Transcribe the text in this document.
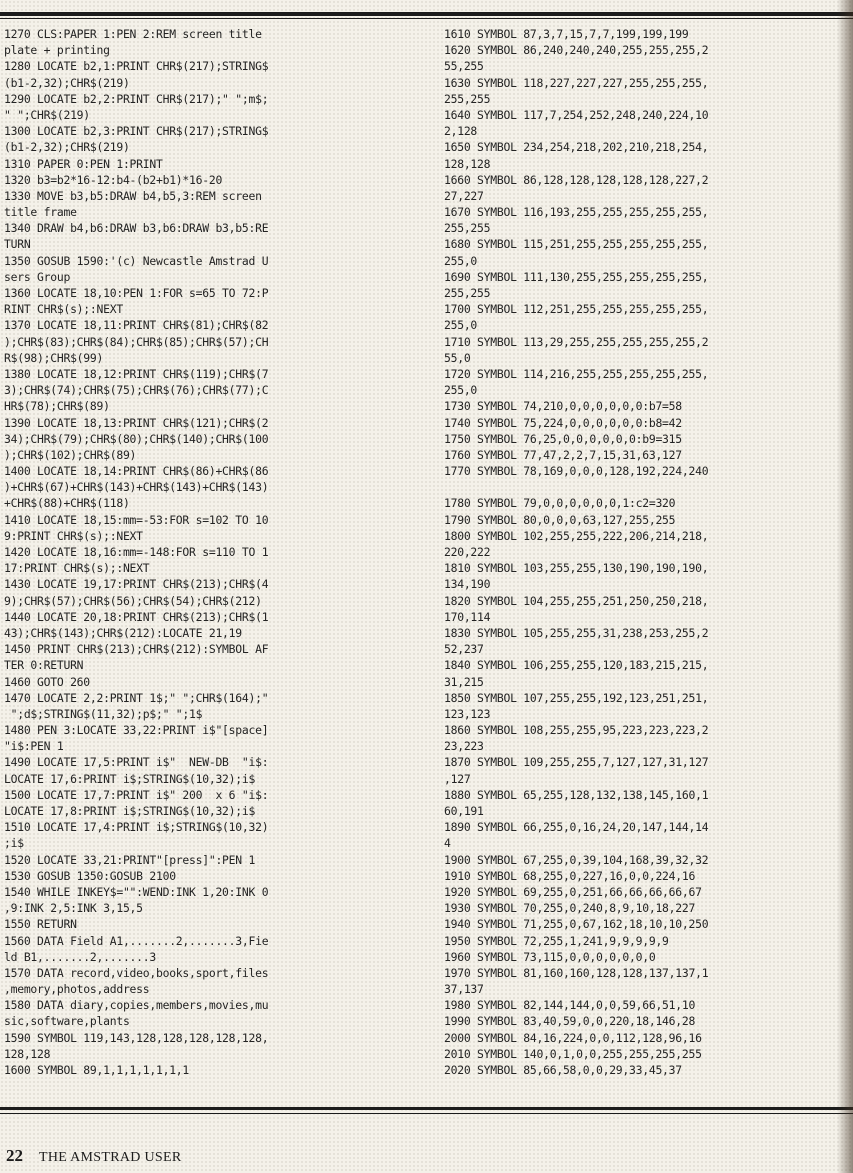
1270 CLS:PAPER 1:PEN 2:REM screen title
plate + printing
1280 LOCATE b2,1:PRINT CHR$(217);STRING$
(b1-2,32);CHR$(219)
1290 LOCATE b2,2:PRINT CHR$(217);" ";m$;
" ";CHR$(219)
1300 LOCATE b2,3:PRINT CHR$(217);STRING$
(b1-2,32);CHR$(219)
1310 PAPER 0:PEN 1:PRINT
1320 b3=b2*16-12:b4-(b2+b1)*16-20
1330 MOVE b3,b5:DRAW b4,b5,3:REM screen
title frame
1340 DRAW b4,b6:DRAW b3,b6:DRAW b3,b5:RE
TURN
1350 GOSUB 1590:'(c) Newcastle Amstrad U
sers Group
1360 LOCATE 18,10:PEN 1:FOR s=65 TO 72:P
RINT CHR$(s);:NEXT
1370 LOCATE 18,11:PRINT CHR$(81);CHR$(82
);CHR$(83);CHR$(84);CHR$(85);CHR$(57);CH
R$(98);CHR$(99)
1380 LOCATE 18,12:PRINT CHR$(119);CHR$(7
3);CHR$(74);CHR$(75);CHR$(76);CHR$(77);C
HR$(78);CHR$(89)
1390 LOCATE 18,13:PRINT CHR$(121);CHR$(2
34);CHR$(79);CHR$(80);CHR$(140);CHR$(100
);CHR$(102);CHR$(89)
1400 LOCATE 18,14:PRINT CHR$(86)+CHR$(86
)+CHR$(67)+CHR$(143)+CHR$(143)+CHR$(143)
+CHR$(88)+CHR$(118)
1410 LOCATE 18,15:mm=-53:FOR s=102 TO 10
9:PRINT CHR$(s);:NEXT
1420 LOCATE 18,16:mm=-148:FOR s=110 TO 1
17:PRINT CHR$(s);:NEXT
1430 LOCATE 19,17:PRINT CHR$(213);CHR$(4
9);CHR$(57);CHR$(56);CHR$(54);CHR$(212)
1440 LOCATE 20,18:PRINT CHR$(213);CHR$(1
43);CHR$(143);CHR$(212):LOCATE 21,19
1450 PRINT CHR$(213);CHR$(212):SYMBOL AF
TER 0:RETURN
1460 GOTO 260
1470 LOCATE 2,2:PRINT 1$;" ";CHR$(164);"
";d$;STRING$(11,32);p$;" ";1$
1480 PEN 3:LOCATE 33,22:PRINT i$"[space]
"i$:PEN 1
1490 LOCATE 17,5:PRINT i$"  NEW-DB  "i$:
LOCATE 17,6:PRINT i$;STRING$(10,32);i$
1500 LOCATE 17,7:PRINT i$" 200  x 6 "i$:
LOCATE 17,8:PRINT i$;STRING$(10,32);i$
1510 LOCATE 17,4:PRINT i$;STRING$(10,32)
;i$
1520 LOCATE 33,21:PRINT"[press]":PEN 1
1530 GOSUB 1350:GOSUB 2100
1540 WHILE INKEY$="":WEND:INK 1,20:INK 0
,9:INK 2,5:INK 3,15,5
1550 RETURN
1560 DATA Field A1,.......2,.......3,Fie
ld B1,.......2,.......3
1570 DATA record,video,books,sport,files
,memory,photos,address
1580 DATA diary,copies,members,movies,mu
sic,software,plants
1590 SYMBOL 119,143,128,128,128,128,128,
128,128
1600 SYMBOL 89,1,1,1,1,1,1,1
1610 SYMBOL 87,3,7,15,7,7,199,199,199
1620 SYMBOL 86,240,240,240,255,255,255,2
55,255
1630 SYMBOL 118,227,227,227,255,255,255,
255,255
1640 SYMBOL 117,7,254,252,248,240,224,10
2,128
1650 SYMBOL 234,254,218,202,210,218,254,
128,128
1660 SYMBOL 86,128,128,128,128,128,227,2
27,227
1670 SYMBOL 116,193,255,255,255,255,255,
255,255
1680 SYMBOL 115,251,255,255,255,255,255,
255,0
1690 SYMBOL 111,130,255,255,255,255,255,
255,255
1700 SYMBOL 112,251,255,255,255,255,255,
255,0
1710 SYMBOL 113,29,255,255,255,255,255,2
55,0
1720 SYMBOL 114,216,255,255,255,255,255,
255,0
1730 SYMBOL 74,210,0,0,0,0,0,0:b7=58
1740 SYMBOL 75,224,0,0,0,0,0,0:b8=42
1750 SYMBOL 76,25,0,0,0,0,0,0:b9=315
1760 SYMBOL 77,47,2,2,7,15,31,63,127
1770 SYMBOL 78,169,0,0,0,128,192,224,240
1780 SYMBOL 79,0,0,0,0,0,0,1:c2=320
1790 SYMBOL 80,0,0,0,63,127,255,255
1800 SYMBOL 102,255,255,222,206,214,218,
220,222
1810 SYMBOL 103,255,255,130,190,190,190,
134,190
1820 SYMBOL 104,255,255,251,250,250,218,
170,114
1830 SYMBOL 105,255,255,31,238,253,255,2
52,237
1840 SYMBOL 106,255,255,120,183,215,215,
31,215
1850 SYMBOL 107,255,255,192,123,251,251,
123,123
1860 SYMBOL 108,255,255,95,223,223,223,2
23,223
1870 SYMBOL 109,255,255,7,127,127,31,127
,127
1880 SYMBOL 65,255,128,132,138,145,160,1
60,191
1890 SYMBOL 66,255,0,16,24,20,147,144,14
4
1900 SYMBOL 67,255,0,39,104,168,39,32,32
1910 SYMBOL 68,255,0,227,16,0,0,224,16
1920 SYMBOL 69,255,0,251,66,66,66,66,67
1930 SYMBOL 70,255,0,240,8,9,10,18,227
1940 SYMBOL 71,255,0,67,162,18,10,10,250
1950 SYMBOL 72,255,1,241,9,9,9,9,9
1960 SYMBOL 73,115,0,0,0,0,0,0,0
1970 SYMBOL 81,160,160,128,128,137,137,1
37,137
1980 SYMBOL 82,144,144,0,0,59,66,51,10
1990 SYMBOL 83,40,59,0,0,220,18,146,28
2000 SYMBOL 84,16,224,0,0,112,128,96,16
2010 SYMBOL 140,0,1,0,0,255,255,255,255
2020 SYMBOL 85,66,58,0,0,29,33,45,37
22 THE AMSTRAD USER
